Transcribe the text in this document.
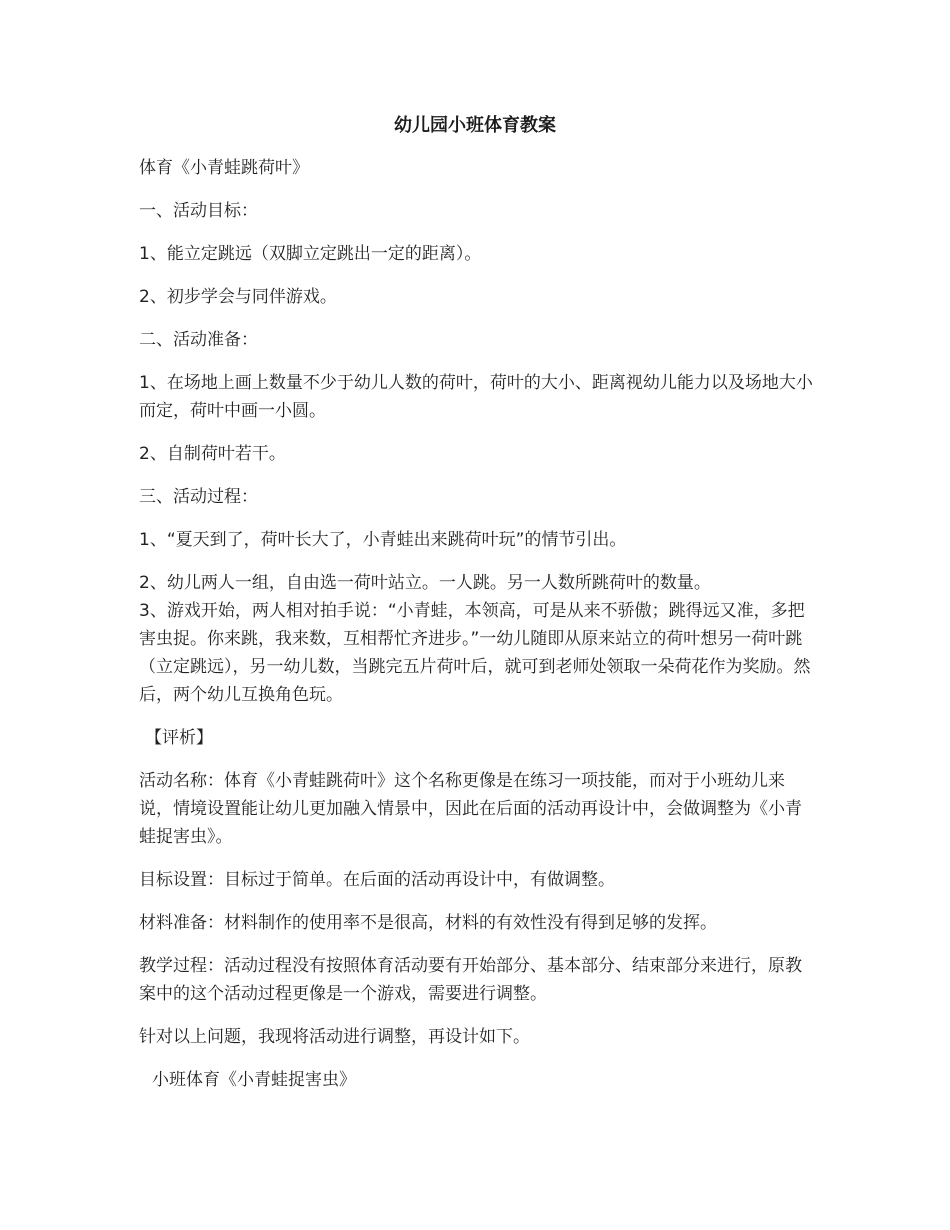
幼儿园小班体育教案

体育《小青蛙跳荷叶》

一、活动目标：

1、能立定跳远（双脚立定跳出一定的距离）。

2、初步学会与同伴游戏。

二、活动准备：

1、在场地上画上数量不少于幼儿人数的荷叶，荷叶的大小、距离视幼儿能力以及场地大小而定，荷叶中画一小圆。

2、自制荷叶若干。

三、活动过程：

1、“夏天到了，荷叶长大了，小青蛙出来跳荷叶玩”的情节引出。

2、幼儿两人一组，自由选一荷叶站立。一人跳。另一人数所跳荷叶的数量。

3、游戏开始，两人相对拍手说：“小青蛙，本领高，可是从来不骄傲；跳得远又准，多把害虫捉。你来跳，我来数，互相帮忙齐进步。”一幼儿随即从原来站立的荷叶想另一荷叶跳（立定跳远），另一幼儿数，当跳完五片荷叶后，就可到老师处领取一朵荷花作为奖励。然后，两个幼儿互换角色玩。

【评析】

活动名称：体育《小青蛙跳荷叶》这个名称更像是在练习一项技能，而对于小班幼儿来说，情境设置能让幼儿更加融入情景中，因此在后面的活动再设计中，会做调整为《小青蛙捉害虫》。

目标设置：目标过于简单。在后面的活动再设计中，有做调整。

材料准备：材料制作的使用率不是很高，材料的有效性没有得到足够的发挥。

教学过程：活动过程没有按照体育活动要有开始部分、基本部分、结束部分来进行，原教案中的这个活动过程更像是一个游戏，需要进行调整。

针对以上问题，我现将活动进行调整，再设计如下。

小班体育《小青蛙捉害虫》
